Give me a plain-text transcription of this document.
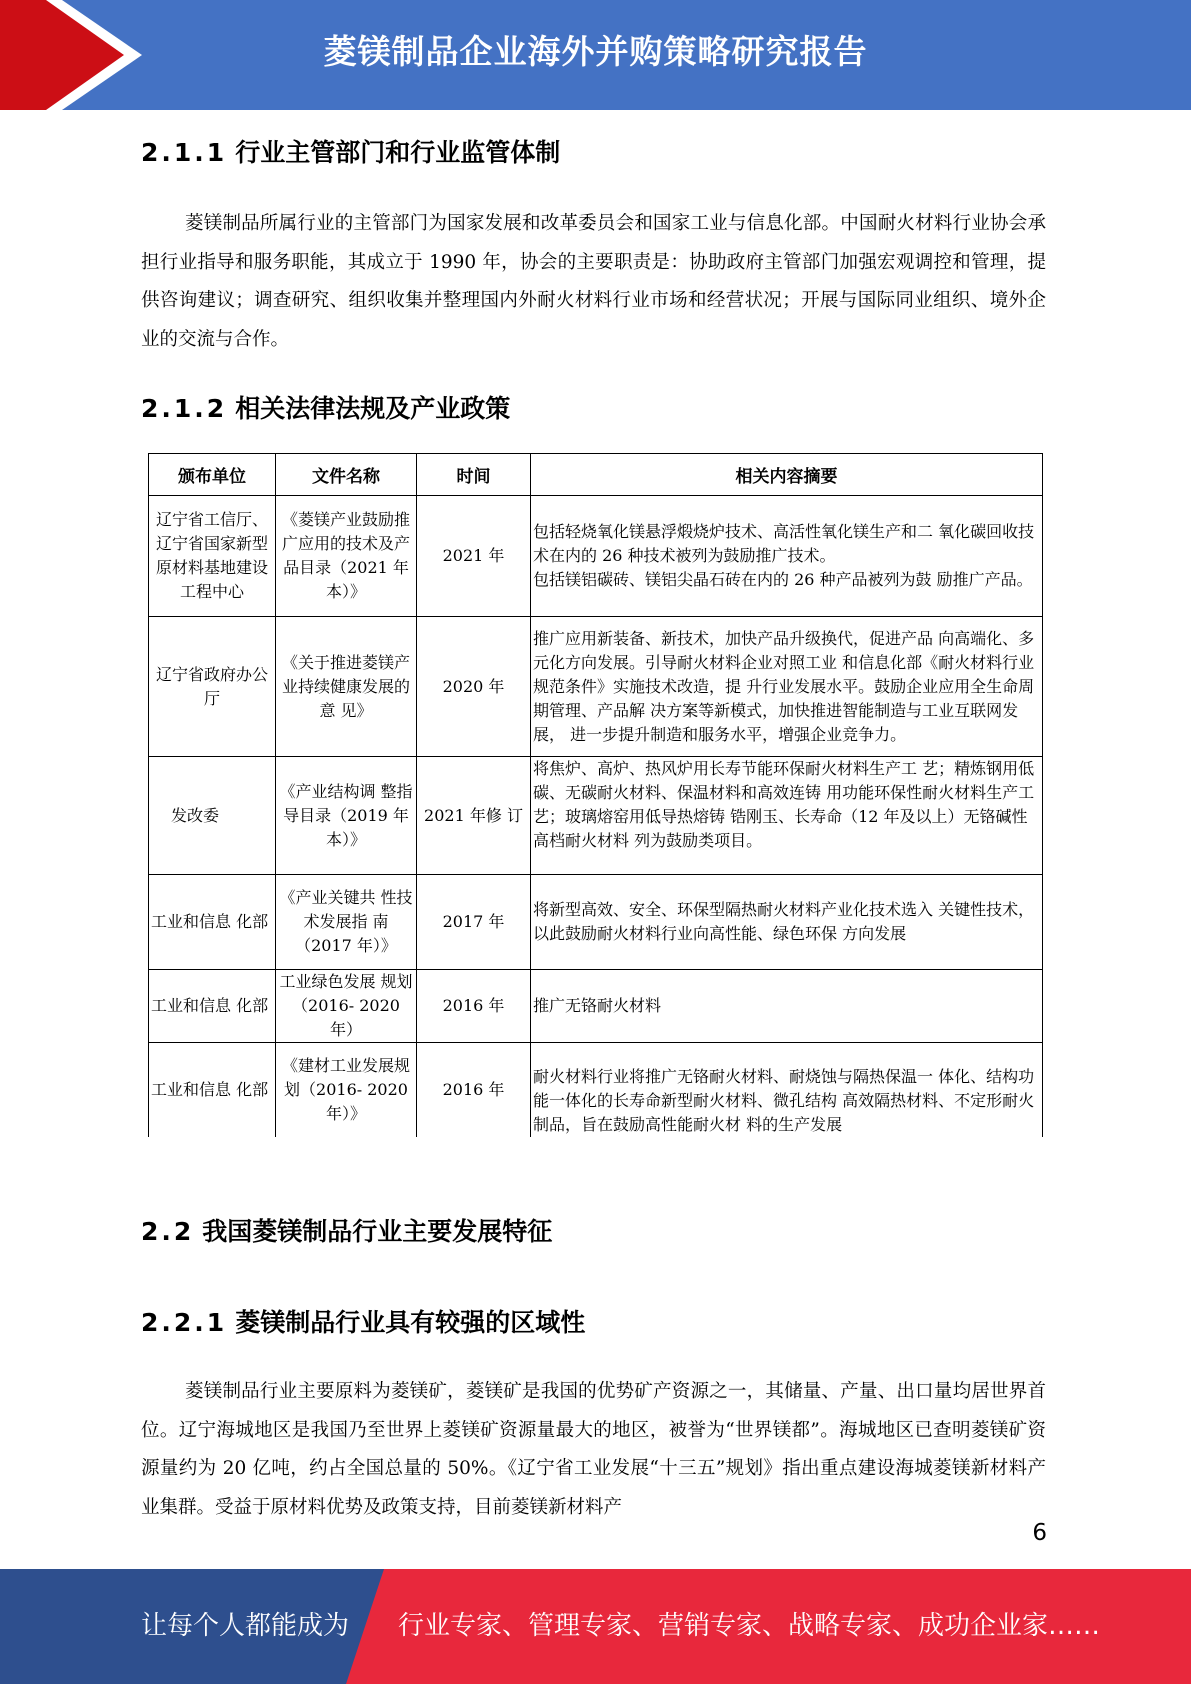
菱镁制品企业海外并购策略研究报告
2.1.1 行业主管部门和行业监管体制
菱镁制品所属行业的主管部门为国家发展和改革委员会和国家工业与信息化部。中国耐火材料行业协会承担行业指导和服务职能，其成立于 1990 年，协会的主要职责是：协助政府主管部门加强宏观调控和管理，提供咨询建议；调查研究、组织收集并整理国内外耐火材料行业市场和经营状况；开展与国际同业组织、境外企业的交流与合作。
2.1.2 相关法律法规及产业政策
颁布单位	文件名称	时间	相关内容摘要
辽宁省工信厅、辽宁省国家新型原材料基地建设工程中心	《菱镁产业鼓励推广应用的技术及产品目录（2021 年本）》	2021 年	包括轻烧氧化镁悬浮煅烧炉技术、高活性氧化镁生产和二 氧化碳回收技术在内的 26 种技术被列为鼓励推广技术。
包括镁铝碳砖、镁铝尖晶石砖在内的 26 种产品被列为鼓 励推广产品。
辽宁省政府办公厅	《关于推进菱镁产业持续健康发展的意 见》	2020 年	推广应用新装备、新技术，加快产品升级换代，促进产品 向高端化、多元化方向发展。引导耐火材料企业对照工业 和信息化部《耐火材料行业规范条件》实施技术改造，提 升行业发展水平。鼓励企业应用全生命周期管理、产品解 决方案等新模式，加快推进智能制造与工业互联网发展， 进一步提升制造和服务水平，增强企业竞争力。
发改委	《产业结构调 整指导目录（2019 年本）》	2021 年修 订	将焦炉、高炉、热风炉用长寿节能环保耐火材料生产工 艺；精炼钢用低碳、无碳耐火材料、保温材料和高效连铸 用功能环保性耐火材料生产工艺；玻璃熔窑用低导热熔铸 锆刚玉、长寿命（12 年及以上）无铬碱性高档耐火材料 列为鼓励类项目。
工业和信息 化部	《产业关键共 性技术发展指 南（2017 年）》	2017 年	将新型高效、安全、环保型隔热耐火材料产业化技术选入 关键性技术，以此鼓励耐火材料行业向高性能、绿色环保 方向发展
工业和信息 化部	工业绿色发展 规划（2016- 2020 年）	2016 年	推广无铬耐火材料
工业和信息 化部	《建材工业发展规划（2016- 2020 年）》	2016 年	耐火材料行业将推广无铬耐火材料、耐烧蚀与隔热保温一 体化、结构功能一体化的长寿命新型耐火材料、微孔结构 高效隔热材料、不定形耐火制品，旨在鼓励高性能耐火材 料的生产发展
2.2 我国菱镁制品行业主要发展特征
2.2.1 菱镁制品行业具有较强的区域性
菱镁制品行业主要原料为菱镁矿，菱镁矿是我国的优势矿产资源之一，其储量、产量、出口量均居世界首位。辽宁海城地区是我国乃至世界上菱镁矿资源量最大的地区，被誉为“世界镁都”。海城地区已查明菱镁矿资源量约为 20 亿吨，约占全国总量的 50%。《辽宁省工业发展“十三五”规划》指出重点建设海城菱镁新材料产业集群。受益于原材料优势及政策支持，目前菱镁新材料产
6
让每个人都能成为 行业专家、管理专家、营销专家、战略专家、成功企业家……
